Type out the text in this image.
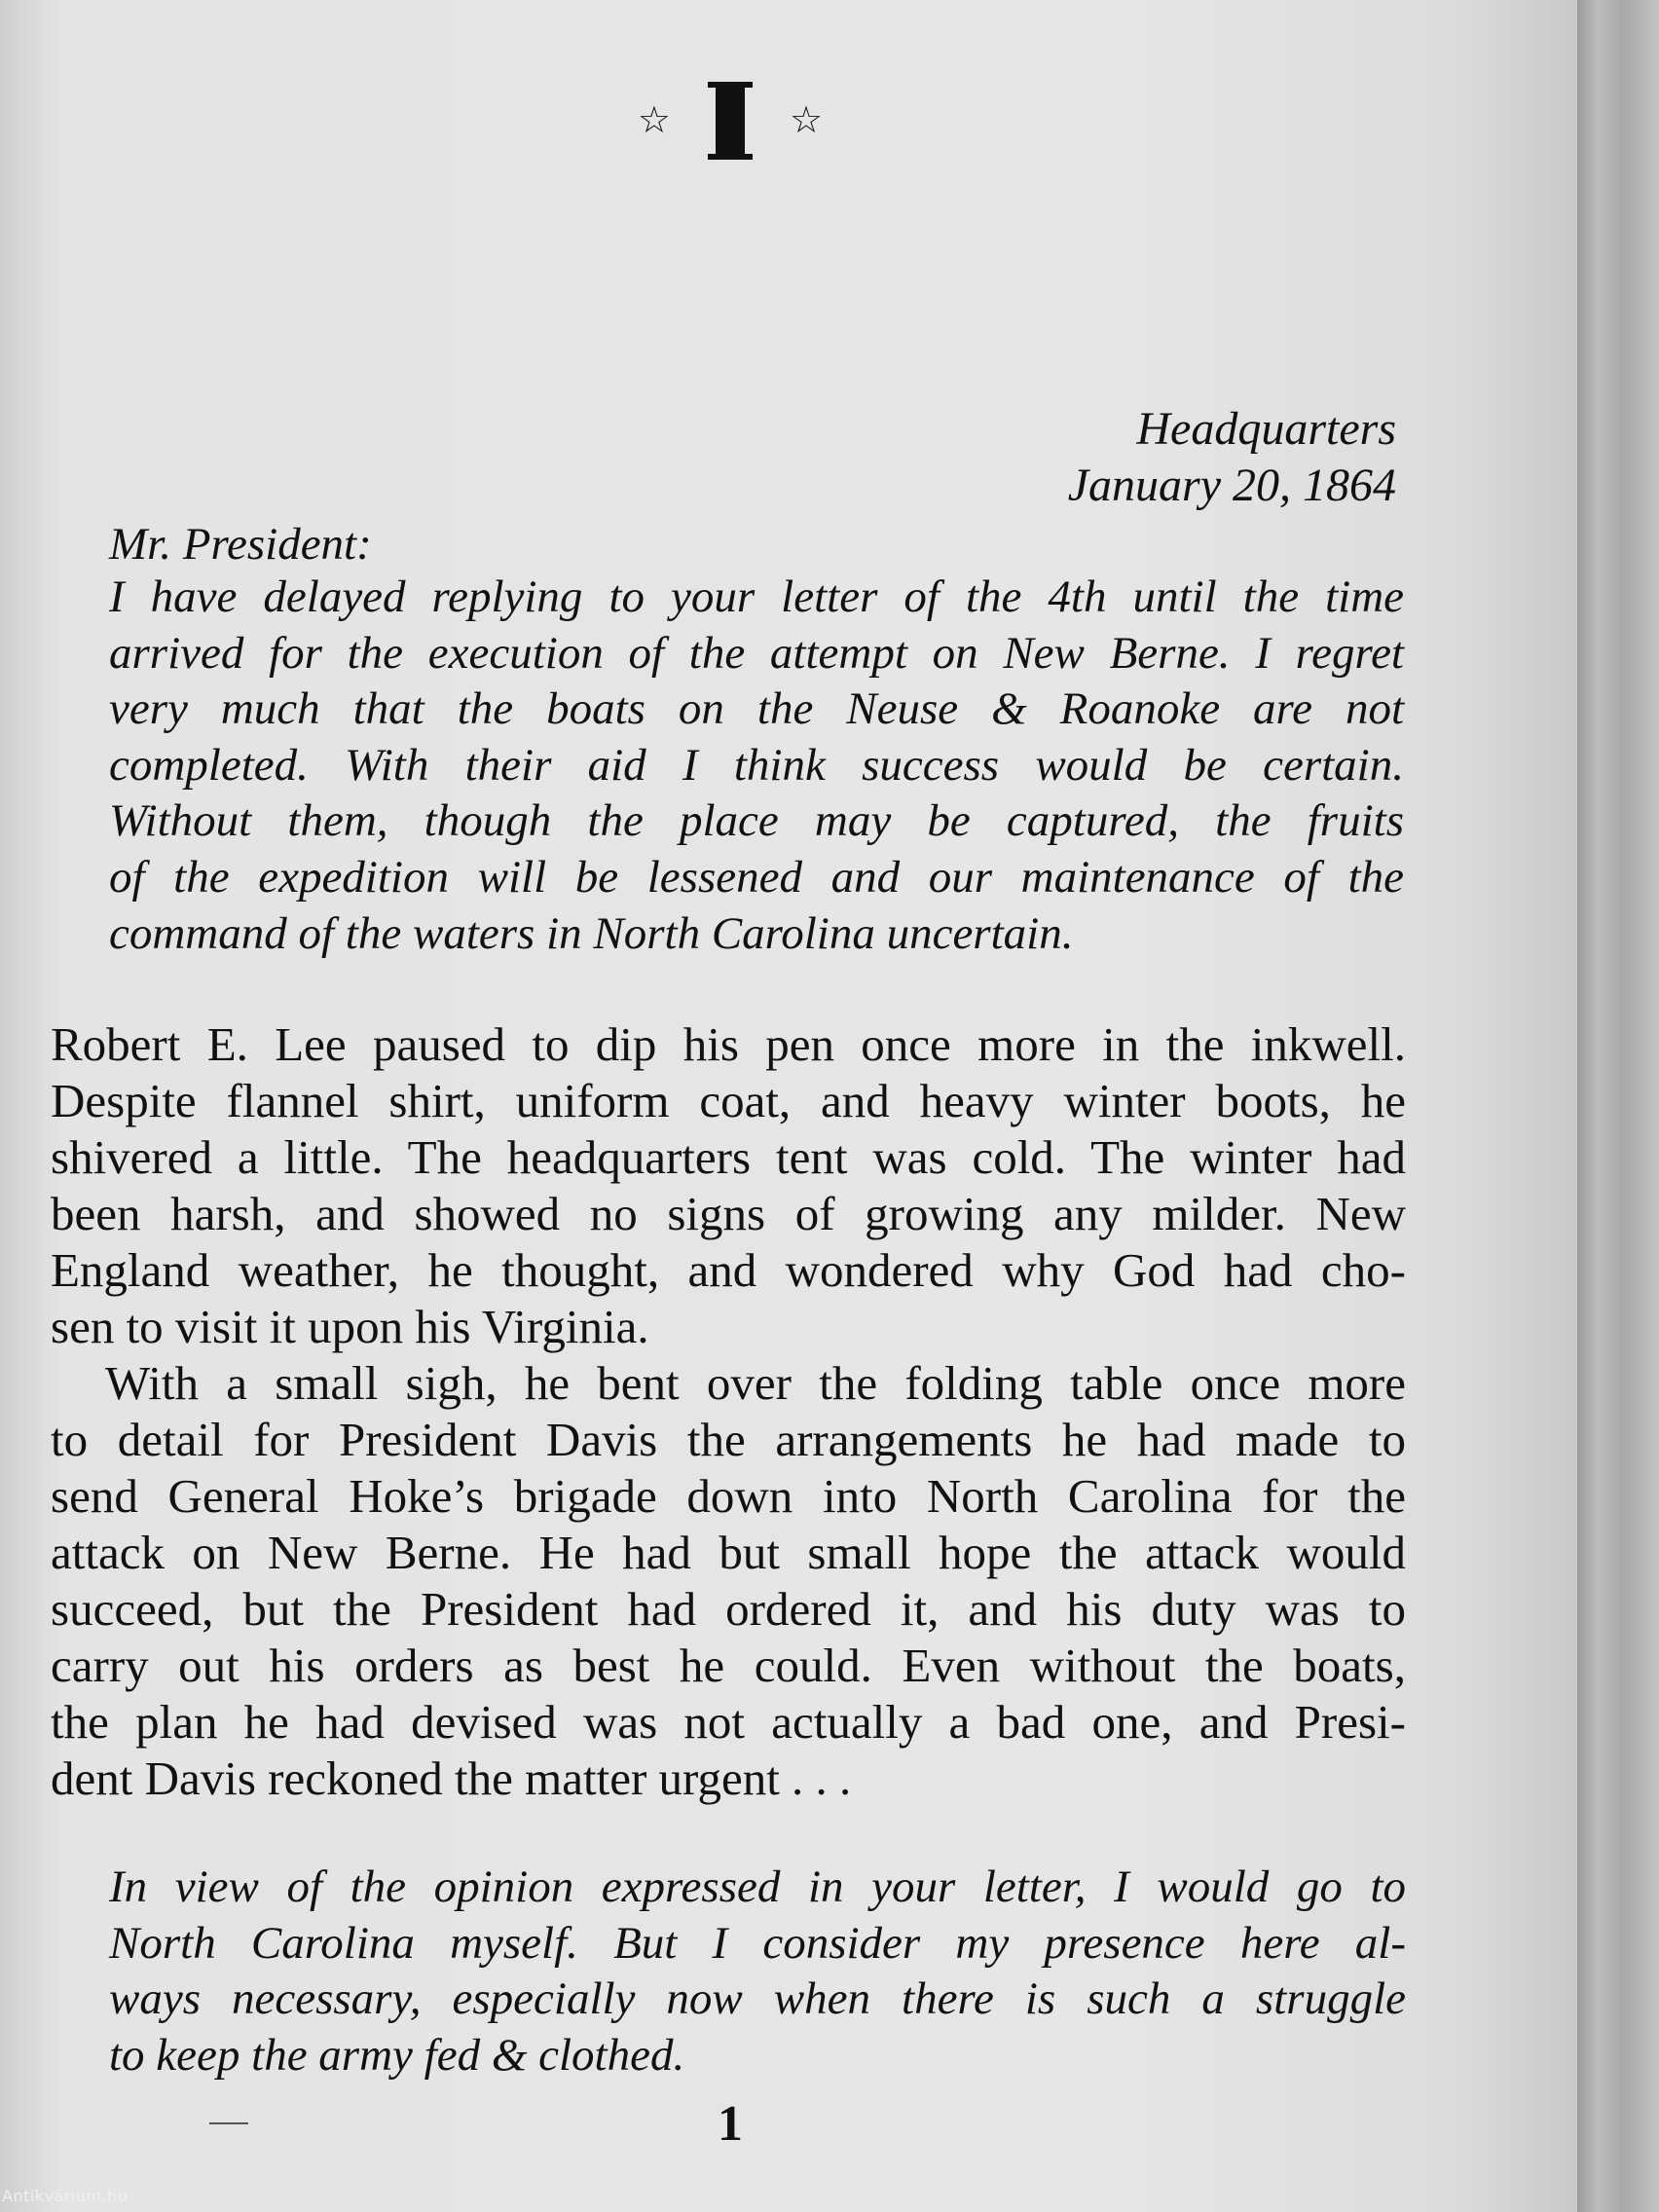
☆	☆
Headquarters
January 20, 1864
Mr. President:
I have delayed replying to your letter of the 4th until the time
arrived for the execution of the attempt on New Berne. I regret
very much that the boats on the Neuse & Roanoke are not
completed. With their aid I think success would be certain.
Without them, though the place may be captured, the fruits
of the expedition will be lessened and our maintenance of the
command of the waters in North Carolina uncertain.
Robert E. Lee paused to dip his pen once more in the inkwell.
Despite flannel shirt, uniform coat, and heavy winter boots, he
shivered a little. The headquarters tent was cold. The winter had
been harsh, and showed no signs of growing any milder. New
England weather, he thought, and wondered why God had cho-
sen to visit it upon his Virginia.
With a small sigh, he bent over the folding table once more
to detail for President Davis the arrangements he had made to
send General Hoke’s brigade down into North Carolina for the
attack on New Berne. He had but small hope the attack would
succeed, but the President had ordered it, and his duty was to
carry out his orders as best he could. Even without the boats,
the plan he had devised was not actually a bad one, and Presi-
dent Davis reckoned the matter urgent . . .
In view of the opinion expressed in your letter, I would go to
North Carolina myself. But I consider my presence here al-
ways necessary, especially now when there is such a struggle
to keep the army fed & clothed.
1
Antikvárium.hu
